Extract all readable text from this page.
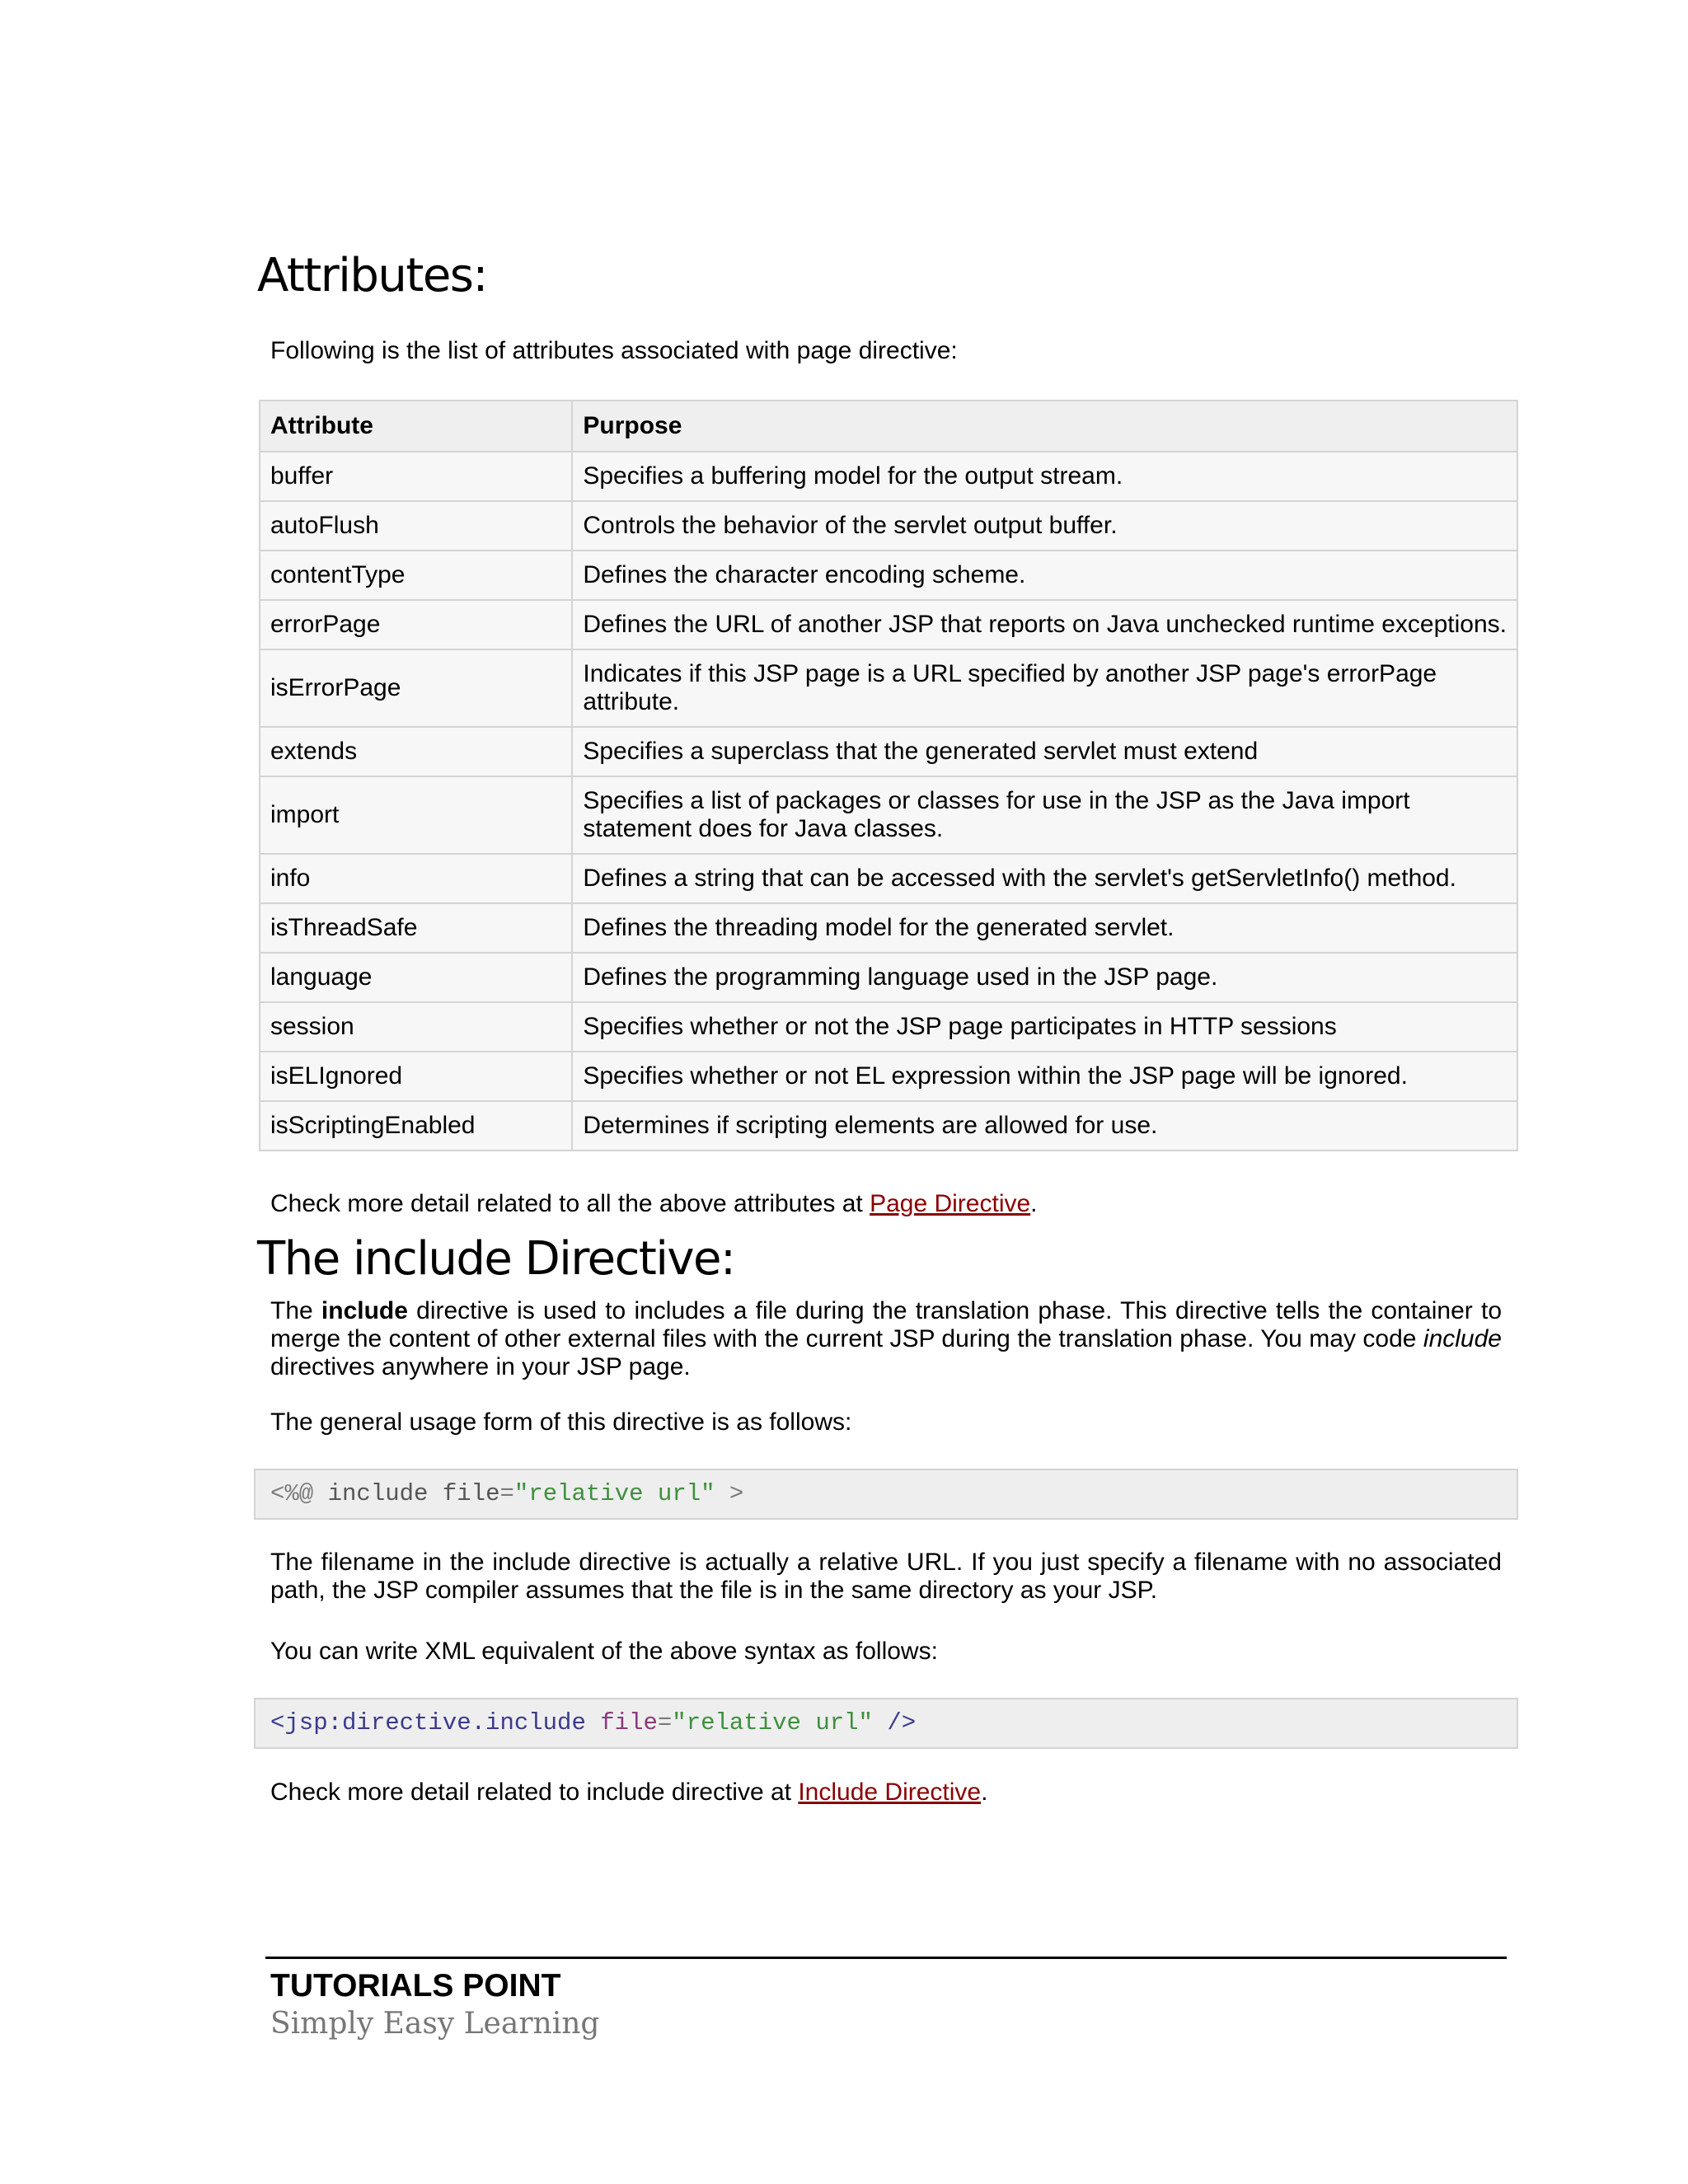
Attributes:

Following is the list of attributes associated with page directive:

Attribute	Purpose
buffer	Specifies a buffering model for the output stream.
autoFlush	Controls the behavior of the servlet output buffer.
contentType	Defines the character encoding scheme.
errorPage	Defines the URL of another JSP that reports on Java unchecked runtime exceptions.
isErrorPage	Indicates if this JSP page is a URL specified by another JSP page's errorPage attribute.
extends	Specifies a superclass that the generated servlet must extend
import	Specifies a list of packages or classes for use in the JSP as the Java import statement does for Java classes.
info	Defines a string that can be accessed with the servlet's getServletInfo() method.
isThreadSafe	Defines the threading model for the generated servlet.
language	Defines the programming language used in the JSP page.
session	Specifies whether or not the JSP page participates in HTTP sessions
isELIgnored	Specifies whether or not EL expression within the JSP page will be ignored.
isScriptingEnabled	Determines if scripting elements are allowed for use.

Check more detail related to all the above attributes at Page Directive.

The include Directive:

The include directive is used to includes a file during the translation phase. This directive tells the container to merge the content of other external files with the current JSP during the translation phase. You may code include directives anywhere in your JSP page.

The general usage form of this directive is as follows:

<%@ include file="relative url" >

The filename in the include directive is actually a relative URL. If you just specify a filename with no associated path, the JSP compiler assumes that the file is in the same directory as your JSP.

You can write XML equivalent of the above syntax as follows:

<jsp:directive.include file="relative url" />

Check more detail related to include directive at Include Directive.

TUTORIALS POINT
Simply Easy Learning
